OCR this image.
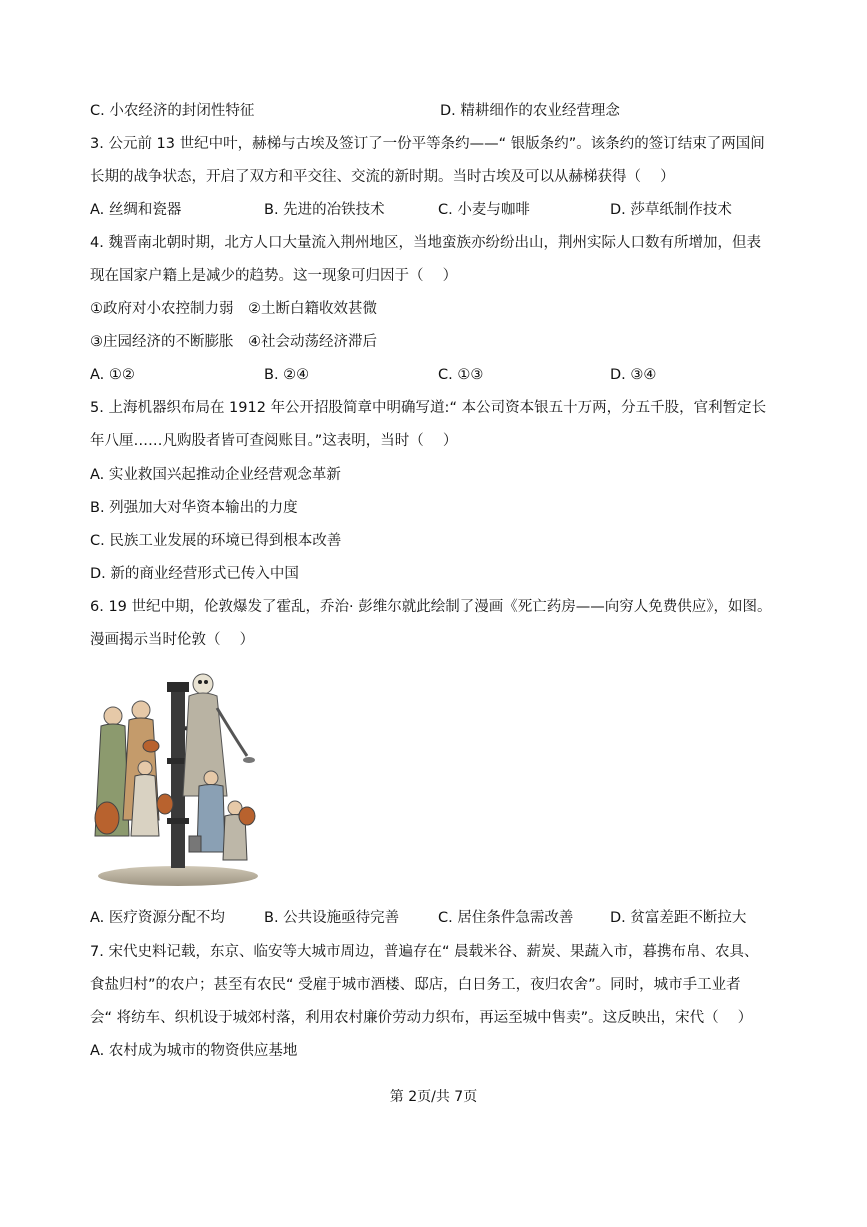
C. 小农经济的封闭性特征	D. 精耕细作的农业经营理念
3. 公元前 13 世纪中叶，赫梯与古埃及签订了一份平等条约——“ 银版条约”。该条约的签订结束了两国间
长期的战争状态，开启了双方和平交往、交流的新时期。当时古埃及可以从赫梯获得（　 ）
A. 丝绸和瓷器	B. 先进的冶铁技术	C. 小麦与咖啡	D. 莎草纸制作技术
4. 魏晋南北朝时期，北方人口大量流入荆州地区，当地蛮族亦纷纷出山，荆州实际人口数有所增加，但表
现在国家户籍上是减少的趋势。这一现象可归因于（　 ）
①政府对小农控制力弱　②土断白籍收效甚微
③庄园经济的不断膨胀　④社会动荡经济滞后
A. ①②	B. ②④	C. ①③	D. ③④
5. 上海机器织布局在 1912 年公开招股简章中明确写道:“ 本公司资本银五十万两，分五千股，官利暂定长
年八厘……凡购股者皆可查阅账目。”这表明，当时（　 ）
A. 实业救国兴起推动企业经营观念革新
B. 列强加大对华资本输出的力度
C. 民族工业发展的环境已得到根本改善
D. 新的商业经营形式已传入中国
6. 19 世纪中期，伦敦爆发了霍乱，乔治· 彭维尔就此绘制了漫画《死亡药房——向穷人免费供应》，如图。
漫画揭示当时伦敦（　 ）
A. 医疗资源分配不均	B. 公共设施亟待完善	C. 居住条件急需改善	D. 贫富差距不断拉大
7. 宋代史料记载，东京、临安等大城市周边，普遍存在“ 晨载米谷、薪炭、果蔬入市，暮携布帛、农具、
食盐归村”的农户；甚至有农民“ 受雇于城市酒楼、邸店，白日务工，夜归农舍”。同时，城市手工业者
会“ 将纺车、织机设于城郊村落，利用农村廉价劳动力织布，再运至城中售卖”。这反映出，宋代（　 ）
A. 农村成为城市的物资供应基地
第 2页/共 7页
